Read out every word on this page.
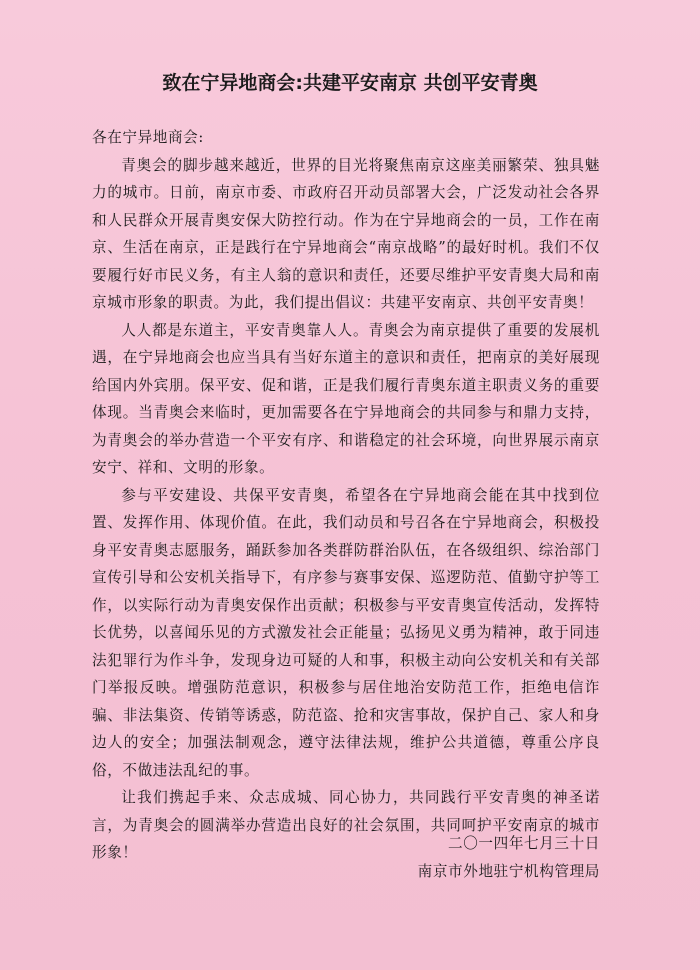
致在宁异地商会:共建平安南京 共创平安青奥

各在宁异地商会:

青奥会的脚步越来越近，世界的目光将聚焦南京这座美丽繁荣、独具魅力的城市。日前，南京市委、市政府召开动员部署大会，广泛发动社会各界和人民群众开展青奥安保大防控行动。作为在宁异地商会的一员，工作在南京、生活在南京，正是践行在宁异地商会“南京战略”的最好时机。我们不仅要履行好市民义务，有主人翁的意识和责任，还要尽维护平安青奥大局和南京城市形象的职责。为此，我们提出倡议：共建平安南京、共创平安青奥！

人人都是东道主，平安青奥靠人人。青奥会为南京提供了重要的发展机遇，在宁异地商会也应当具有当好东道主的意识和责任，把南京的美好展现给国内外宾朋。保平安、促和谐，正是我们履行青奥东道主职责义务的重要体现。当青奥会来临时，更加需要各在宁异地商会的共同参与和鼎力支持，为青奥会的举办营造一个平安有序、和谐稳定的社会环境，向世界展示南京安宁、祥和、文明的形象。

参与平安建设、共保平安青奥，希望各在宁异地商会能在其中找到位置、发挥作用、体现价值。在此，我们动员和号召各在宁异地商会，积极投身平安青奥志愿服务，踊跃参加各类群防群治队伍，在各级组织、综治部门宣传引导和公安机关指导下，有序参与赛事安保、巡逻防范、值勤守护等工作，以实际行动为青奥安保作出贡献；积极参与平安青奥宣传活动，发挥特长优势，以喜闻乐见的方式激发社会正能量；弘扬见义勇为精神，敢于同违法犯罪行为作斗争，发现身边可疑的人和事，积极主动向公安机关和有关部门举报反映。增强防范意识，积极参与居住地治安防范工作，拒绝电信诈骗、非法集资、传销等诱惑，防范盗、抢和灾害事故，保护自己、家人和身边人的安全；加强法制观念，遵守法律法规，维护公共道德，尊重公序良俗，不做违法乱纪的事。

让我们携起手来、众志成城、同心协力，共同践行平安青奥的神圣诺言，为青奥会的圆满举办营造出良好的社会氛围，共同呵护平安南京的城市形象！

二〇一四年七月三十日
南京市外地驻宁机构管理局
